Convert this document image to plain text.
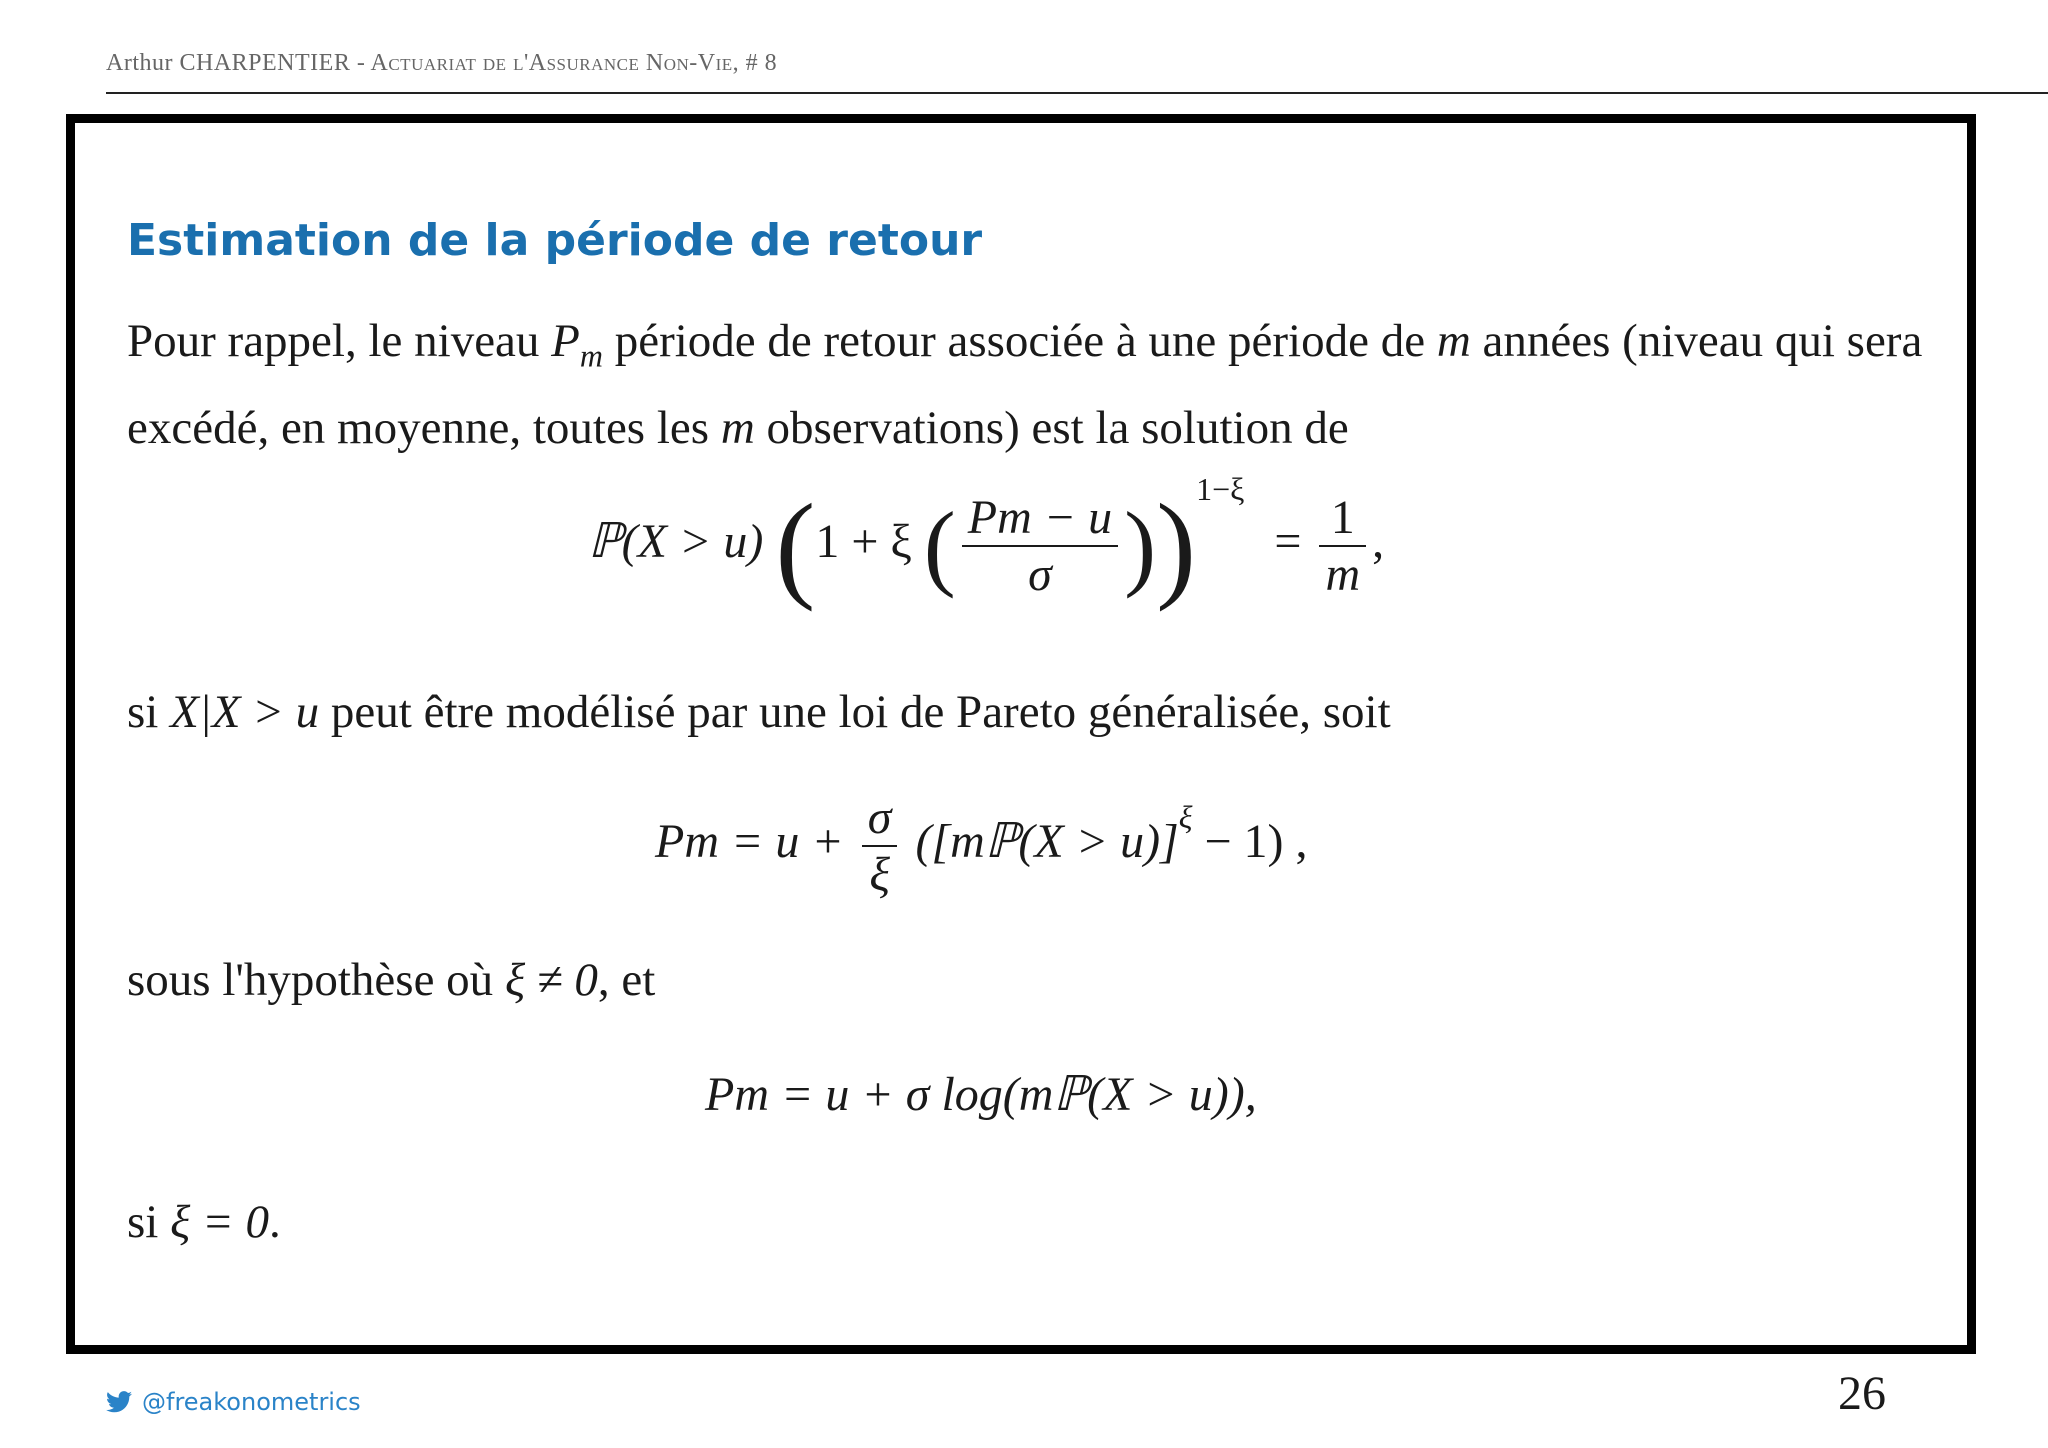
Arthur CHARPENTIER - Actuariat de l'Assurance Non-Vie, # 8
Estimation de la période de retour
Pour rappel, le niveau $P_m$ période de retour associée à une période de m années (niveau qui sera excédé, en moyenne, toutes les m observations) est la solution de
ℙ(X > u) (1 + ξ ( $\frac{Pm - u}{\sigma} ))^{1-\xi} = \frac{1}{m}$ ,
si X|X > u peut être modélisé par une loi de Pareto généralisée, soit
$Pm = u + \frac{\sigma}{\xi}$ ([mℙ(X > u)]$^\xi$ − 1) ,
sous l'hypothèse où ξ ≠ 0, et
Pm = u + σ log(mℙ(X > u)),
si ξ = 0.
@freakonometrics	26
